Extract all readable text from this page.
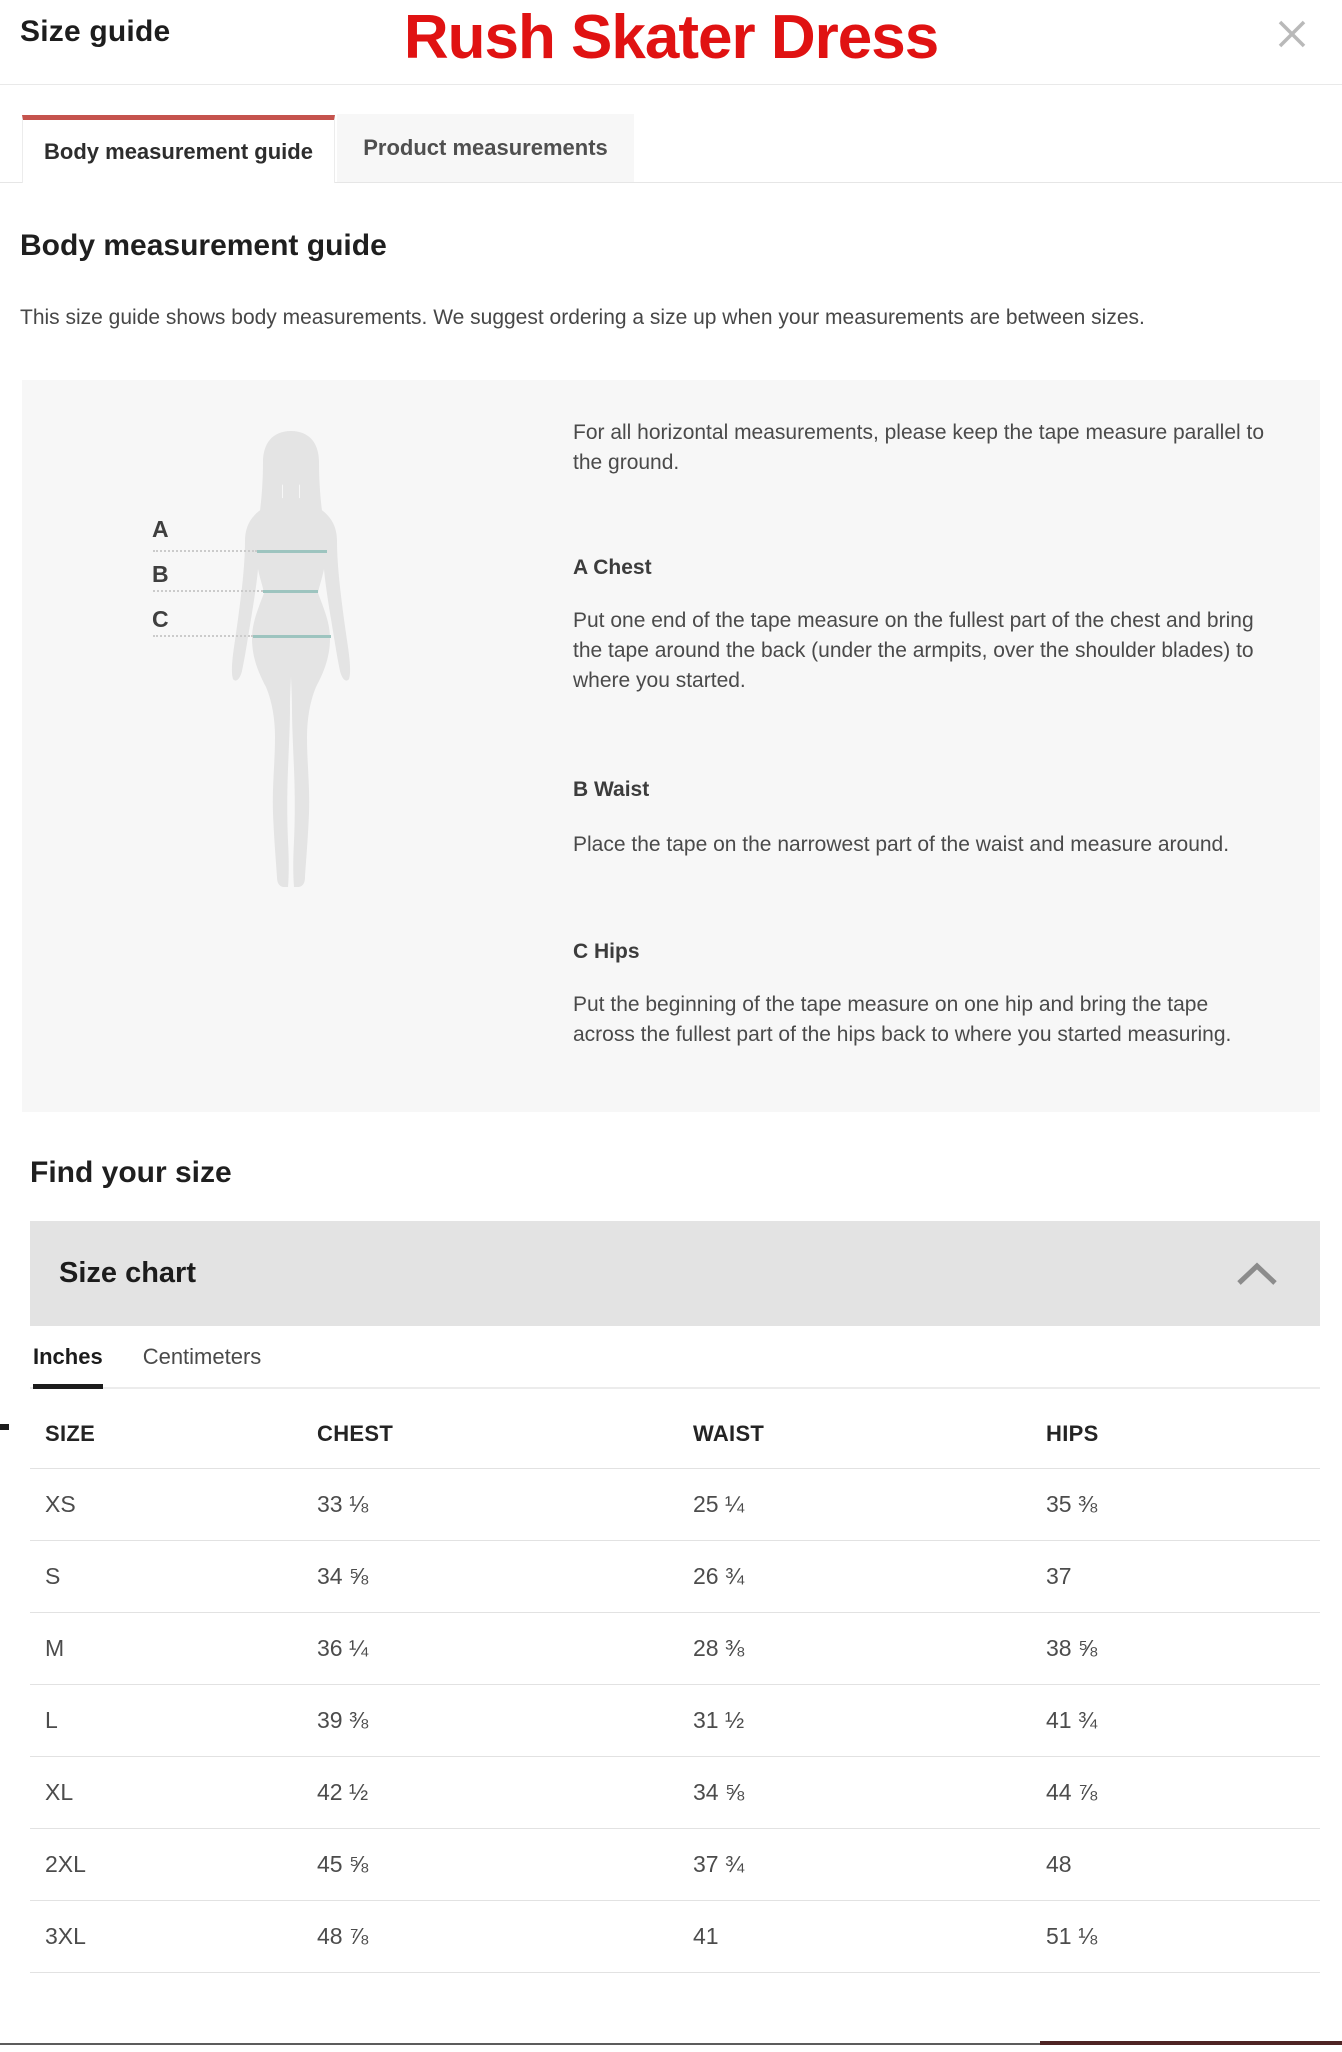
Size guide	Rush Skater Dress
Body measurement guide Product measurements
Body measurement guide

This size guide shows body measurements. We suggest ordering a size up when your measurements are between sizes.

A
B
C

For all horizontal measurements, please keep the tape measure parallel to the ground.

A Chest

Put one end of the tape measure on the fullest part of the chest and bring the tape around the back (under the armpits, over the shoulder blades) to where you started.

B Waist

Place the tape on the narrowest part of the waist and measure around.

C Hips

Put the beginning of the tape measure on one hip and bring the tape across the fullest part of the hips back to where you started measuring.

Find your size
Size chart
Inches Centimeters
SIZE	CHEST	WAIST	HIPS
XS	33 ⅛	25 ¼	35 ⅜
S	34 ⅝	26 ¾	37
M	36 ¼	28 ⅜	38 ⅝
L	39 ⅜	31 ½	41 ¾
XL	42 ½	34 ⅝	44 ⅞
2XL	45 ⅝	37 ¾	48
3XL	48 ⅞	41	51 ⅛
